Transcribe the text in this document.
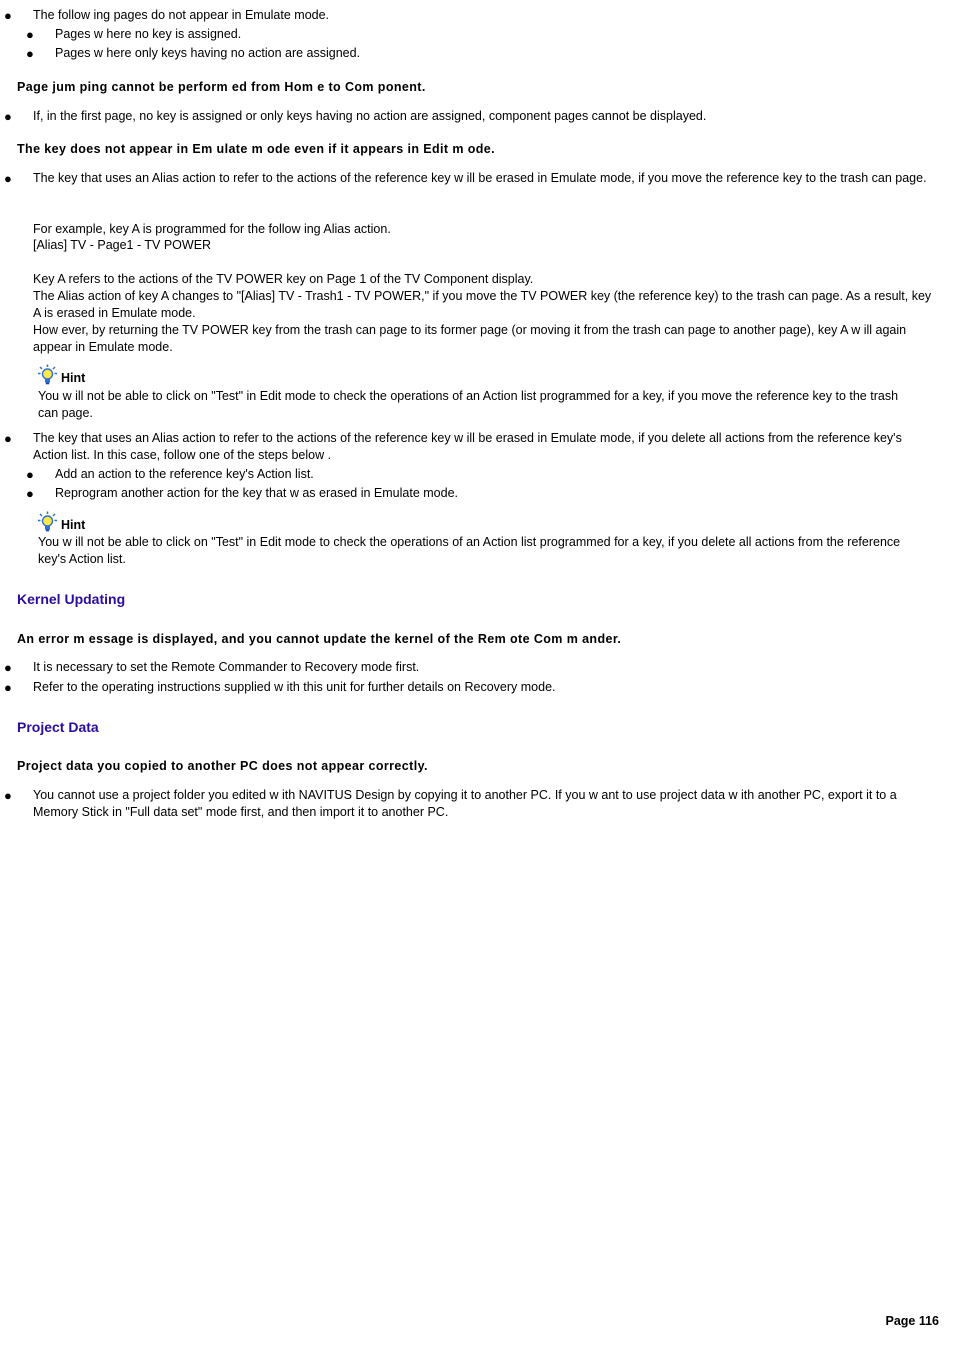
● The follow ing pages do not appear in Emulate mode.
● Pages w here no key is assigned.
● Pages w here only keys having no action are assigned.
Page jum ping cannot be perform ed from Hom e to Com ponent.
● If, in the first page, no key is assigned or only keys having no action are assigned, component pages cannot be displayed.
The key does not appear in Em ulate m ode even if it appears in Edit m ode.
● The key that uses an Alias action to refer to the actions of the reference key w ill be erased in Emulate mode, if you move the reference key to the trash can page.
For example, key A is programmed for the follow ing Alias action.
[Alias] TV - Page1 - TV POWER
Key A refers to the actions of the TV POWER key on Page 1 of the TV Component display.
The Alias action of key A changes to "[Alias] TV - Trash1 - TV POWER," if you move the TV POWER key (the reference key) to the trash can page. As a result, key A is erased in Emulate mode.
How ever, by returning the TV POWER key from the trash can page to its former page (or moving it from the trash can page to another page), key A w ill again appear in Emulate mode.
Hint
You w ill not be able to click on "Test" in Edit mode to check the operations of an Action list programmed for a key, if you move the reference key to the trash can page.
● The key that uses an Alias action to refer to the actions of the reference key w ill be erased in Emulate mode, if you delete all actions from the reference key's Action list. In this case, follow one of the steps below .
● Add an action to the reference key's Action list.
● Reprogram another action for the key that w as erased in Emulate mode.
Hint
You w ill not be able to click on "Test" in Edit mode to check the operations of an Action list programmed for a key, if you delete all actions from the reference key's Action list.
Kernel Updating
An error m essage is displayed, and you cannot update the kernel of the Rem ote Com m ander.
● It is necessary to set the Remote Commander to Recovery mode first.
● Refer to the operating instructions supplied w ith this unit for further details on Recovery mode.
Project Data
Project data you copied to another PC does not appear correctly.
● You cannot use a project folder you edited w ith NAVITUS Design by copying it to another PC. If you w ant to use project data w ith another PC, export it to a Memory Stick in "Full data set" mode first, and then import it to another PC.
Page 116
